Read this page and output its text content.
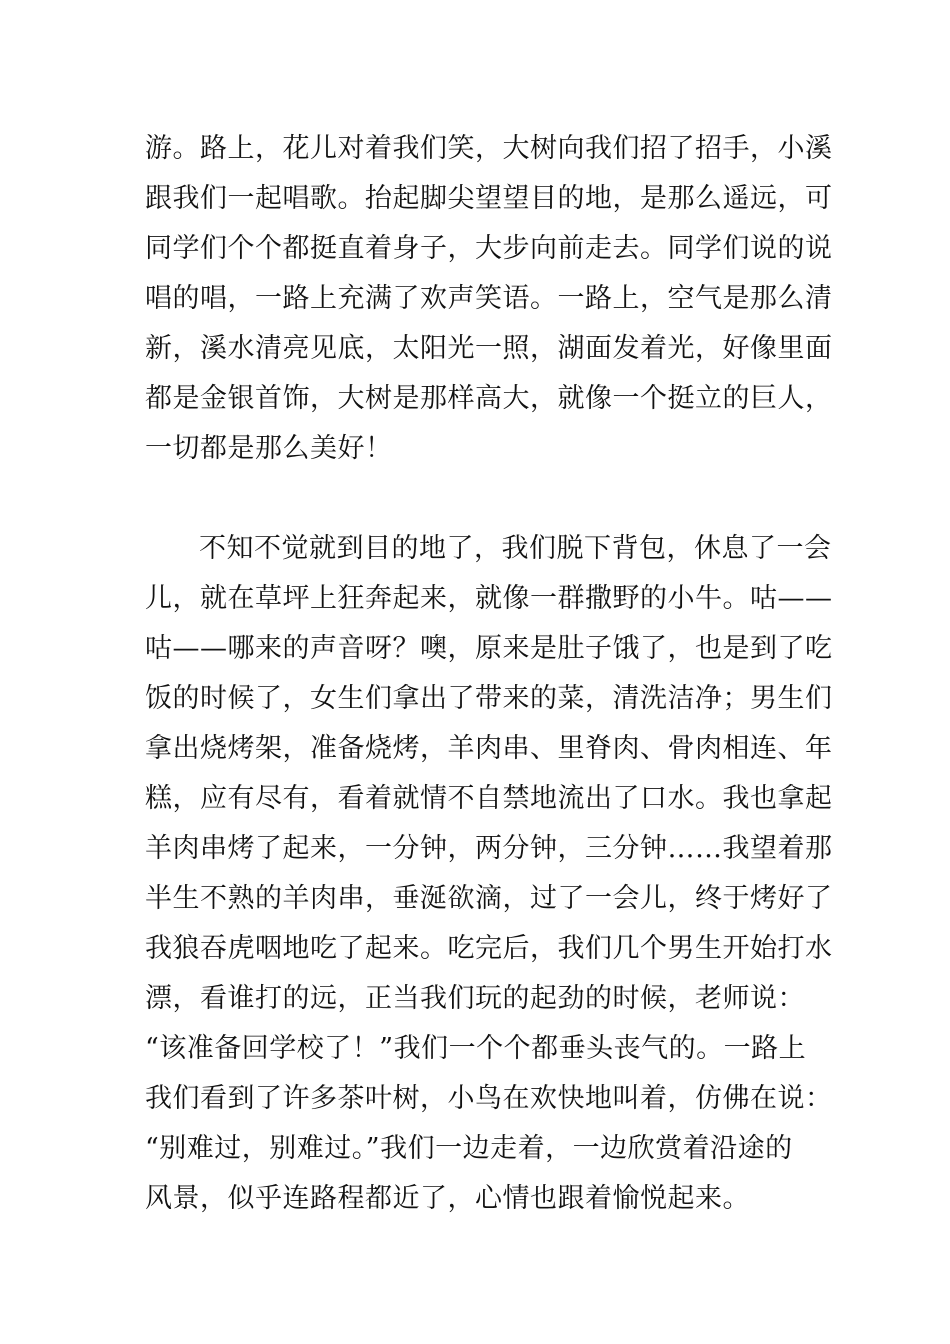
游。路上，花儿对着我们笑，大树向我们招了招手，小溪

跟我们一起唱歌。抬起脚尖望望目的地，是那么遥远，可

同学们个个都挺直着身子，大步向前走去。同学们说的说

唱的唱，一路上充满了欢声笑语。一路上，空气是那么清

新，溪水清亮见底，太阳光一照，湖面发着光，好像里面

都是金银首饰，大树是那样高大，就像一个挺立的巨人，

一切都是那么美好！

不知不觉就到目的地了，我们脱下背包，休息了一会

儿，就在草坪上狂奔起来，就像一群撒野的小牛。咕——

咕——哪来的声音呀？噢，原来是肚子饿了，也是到了吃

饭的时候了，女生们拿出了带来的菜，清洗洁净；男生们

拿出烧烤架，准备烧烤，羊肉串、里脊肉、骨肉相连、年

糕，应有尽有，看着就情不自禁地流出了口水。我也拿起

羊肉串烤了起来，一分钟，两分钟，三分钟……我望着那

半生不熟的羊肉串，垂涎欲滴，过了一会儿，终于烤好了

我狼吞虎咽地吃了起来。吃完后，我们几个男生开始打水

漂，看谁打的远，正当我们玩的起劲的时候，老师说：

“该准备回学校了！”我们一个个都垂头丧气的。一路上

我们看到了许多茶叶树，小鸟在欢快地叫着，仿佛在说：

“别难过，别难过。”我们一边走着，一边欣赏着沿途的

风景，似乎连路程都近了，心情也跟着愉悦起来。
